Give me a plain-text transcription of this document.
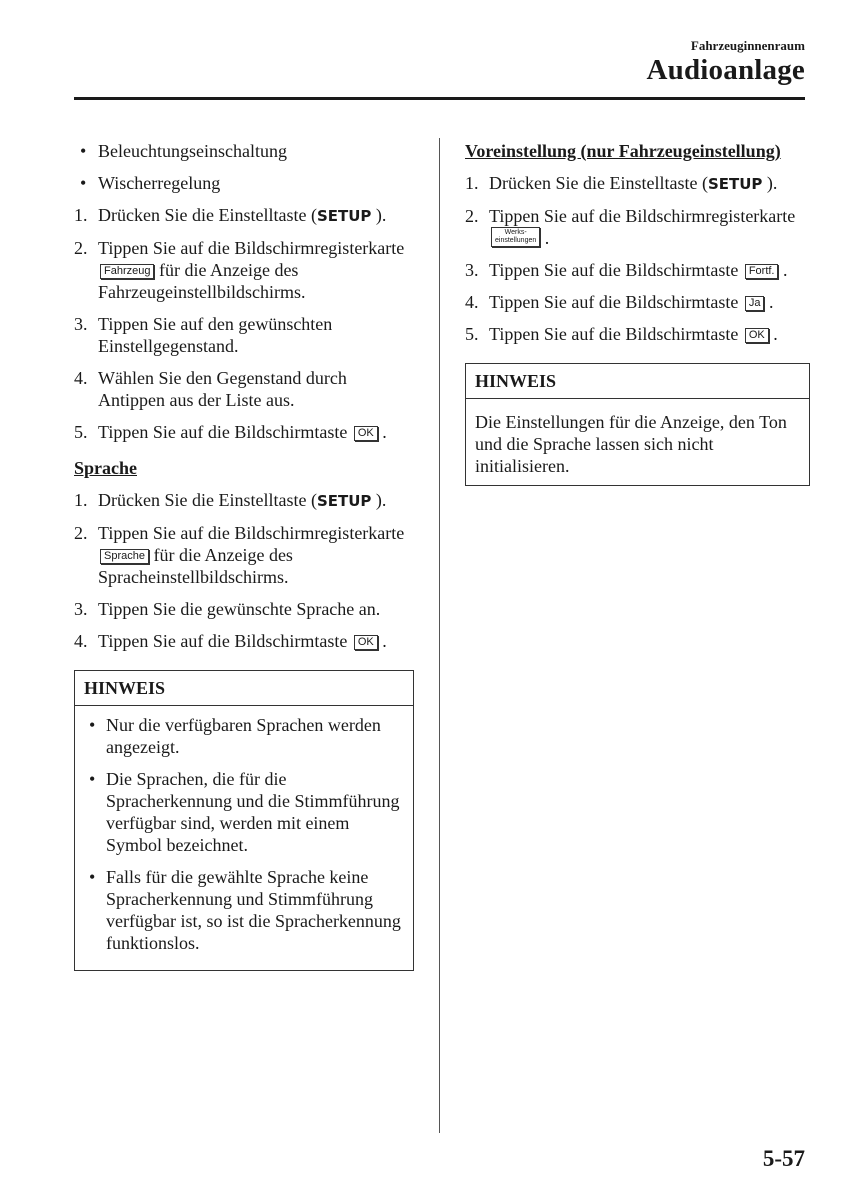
Fahrzeuginnenraum
Audioanlage
• Beleuchtungseinschaltung
• Wischerregelung
1. Drücken Sie die Einstelltaste (SETUP ).
2. Tippen Sie auf die Bildschirmregisterkarte Fahrzeug für die Anzeige des Fahrzeugeinstellbildschirms.
3. Tippen Sie auf den gewünschten Einstellgegenstand.
4. Wählen Sie den Gegenstand durch Antippen aus der Liste aus.
5. Tippen Sie auf die Bildschirmtaste OK .
Sprache
1. Drücken Sie die Einstelltaste (SETUP ).
2. Tippen Sie auf die Bildschirmregisterkarte Sprache für die Anzeige des Spracheinstellbildschirms.
3. Tippen Sie die gewünschte Sprache an.
4. Tippen Sie auf die Bildschirmtaste OK .
HINWEIS
• Nur die verfügbaren Sprachen werden angezeigt.
• Die Sprachen, die für die Spracherkennung und die Stimmführung verfügbar sind, werden mit einem Symbol bezeichnet.
• Falls für die gewählte Sprache keine Spracherkennung und Stimmführung verfügbar ist, so ist die Spracherkennung funktionslos.
Voreinstellung (nur Fahrzeugeinstellung)
1. Drücken Sie die Einstelltaste (SETUP ).
2. Tippen Sie auf die Bildschirmregisterkarte Werks-
einstellungen .
3. Tippen Sie auf die Bildschirmtaste Fortf. .
4. Tippen Sie auf die Bildschirmtaste Ja .
5. Tippen Sie auf die Bildschirmtaste OK .
HINWEIS
Die Einstellungen für die Anzeige, den Ton und die Sprache lassen sich nicht initialisieren.
5-57
